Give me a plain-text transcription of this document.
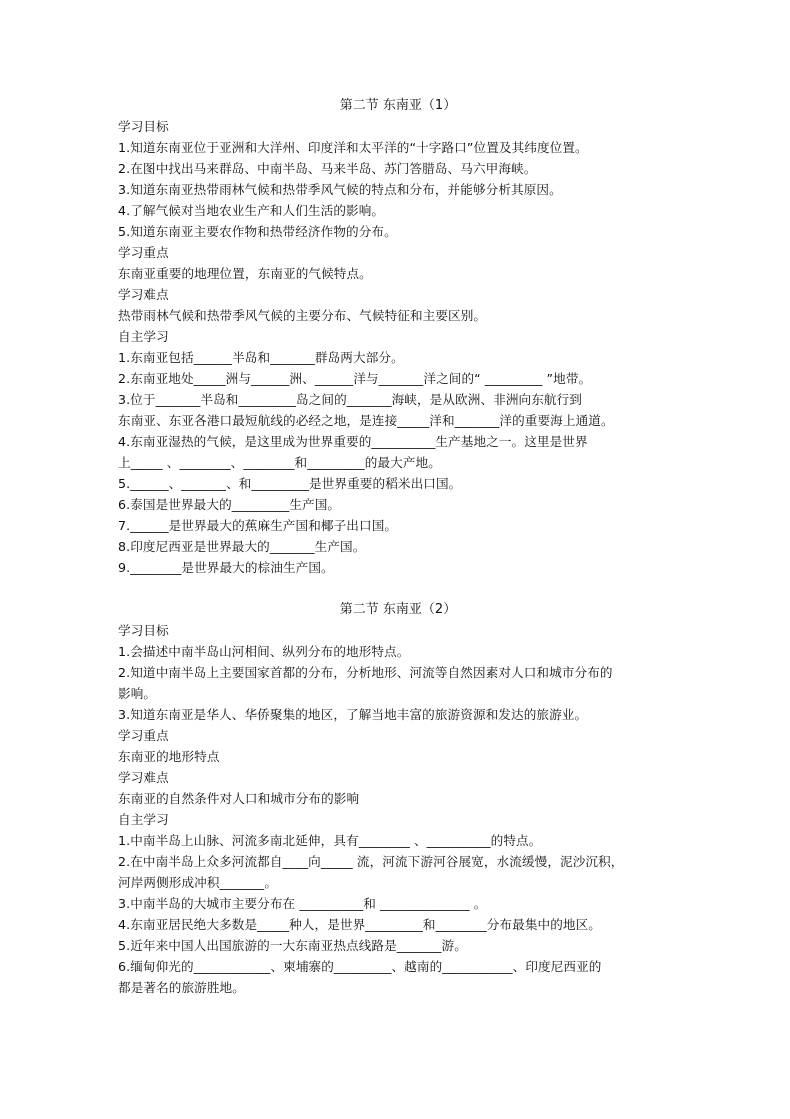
第二节 东南亚（1）
学习目标
1.知道东南亚位于亚洲和大洋州、印度洋和太平洋的“十字路口”位置及其纬度位置。
2.在图中找出马来群岛、中南半岛、马来半岛、苏门答腊岛、马六甲海峡。
3.知道东南亚热带雨林气候和热带季风气候的特点和分布，并能够分析其原因。
4.了解气候对当地农业生产和人们生活的影响。
5.知道东南亚主要农作物和热带经济作物的分布。
学习重点
东南亚重要的地理位置，东南亚的气候特点。
学习难点
热带雨林气候和热带季风气候的主要分布、气候特征和主要区别。
自主学习
1.东南亚包括______半岛和_______群岛两大部分。
2.东南亚地处_____洲与______洲、______洋与_______洋之间的“ _________ ”地带。
3.位于_______半岛和_________岛之间的_______海峡，是从欧洲、非洲向东航行到
东南亚、东亚各港口最短航线的必经之地，是连接_____洋和_______洋的重要海上通道。
4.东南亚湿热的气候，是这里成为世界重要的__________生产基地之一。这里是世界
上_____ 、________、________和_________的最大产地。
5.______、_______、和_________是世界重要的稻米出口国。
6.泰国是世界最大的_________生产国。
7.______是世界最大的蕉麻生产国和椰子出口国。
8.印度尼西亚是世界最大的_______生产国。
9.________是世界最大的棕油生产国。
第二节 东南亚（2）
学习目标
1.会描述中南半岛山河相间、纵列分布的地形特点。
2.知道中南半岛上主要国家首都的分布，分析地形、河流等自然因素对人口和城市分布的
影响。
3.知道东南亚是华人、华侨聚集的地区，了解当地丰富的旅游资源和发达的旅游业。
学习重点
东南亚的地形特点
学习难点
东南亚的自然条件对人口和城市分布的影响
自主学习
1.中南半岛上山脉、河流多南北延伸，具有________ 、__________的特点。
2.在中南半岛上众多河流都自____向_____ 流，河流下游河谷展宽，水流缓慢，泥沙沉积，
河岸两侧形成冲积_______。
3.中南半岛的大城市主要分布在 __________和 ______________ 。
4.东南亚居民绝大多数是_____种人，是世界_________和________分布最集中的地区。
5.近年来中国人出国旅游的一大东南亚热点线路是_______游。
6.缅甸仰光的____________、柬埔寨的_________、越南的___________、印度尼西亚的
都是著名的旅游胜地。
